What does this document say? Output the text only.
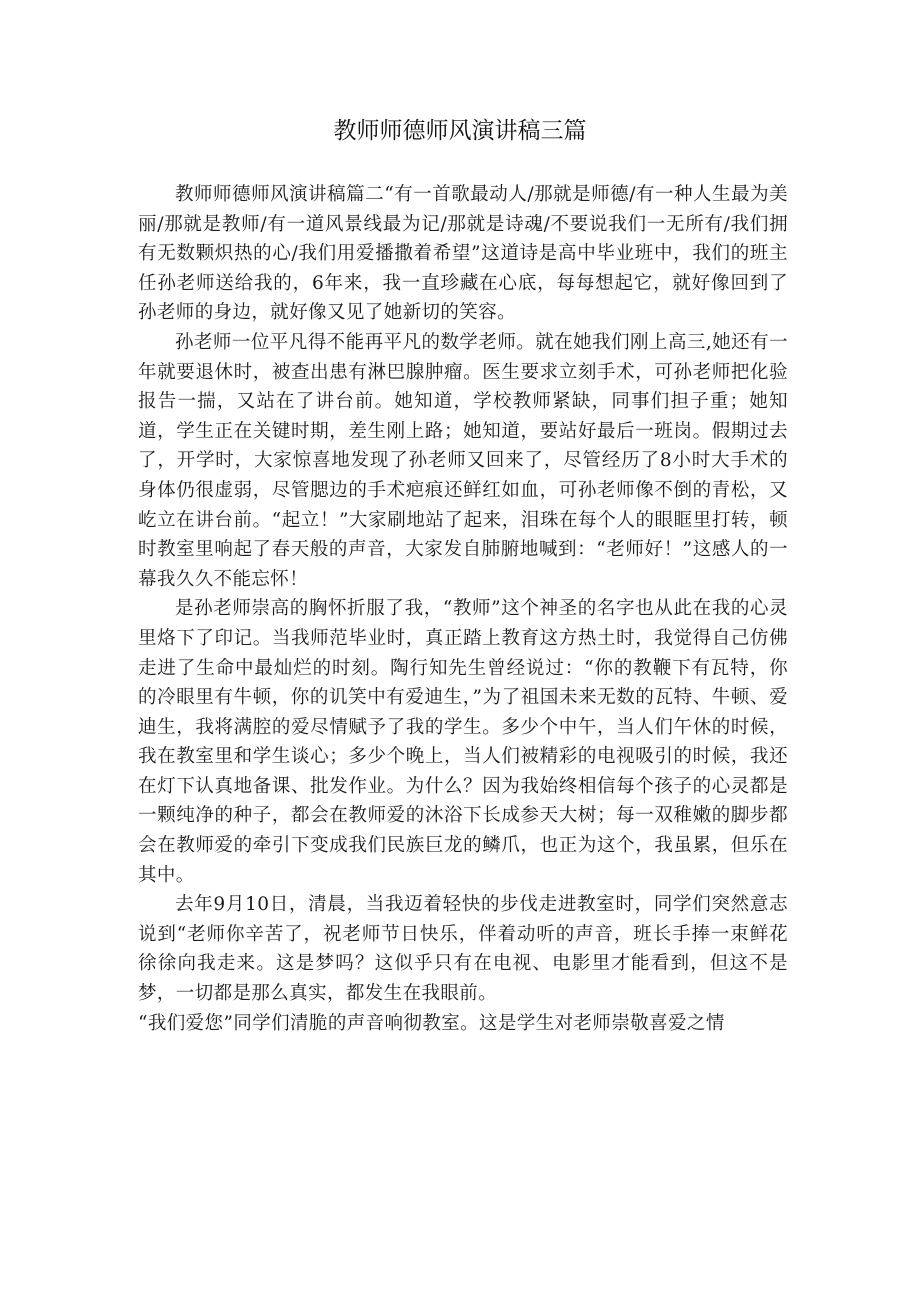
教师师德师风演讲稿三篇

教师师德师风演讲稿篇二“有一首歌最动人/那就是师德/有一种人生最为美丽/那就是教师/有一道风景线最为记/那就是诗魂/不要说我们一无所有/我们拥有无数颗炽热的心/我们用爱播撒着希望”这道诗是高中毕业班中，我们的班主任孙老师送给我的，6年来，我一直珍藏在心底，每每想起它，就好像回到了孙老师的身边，就好像又见了她新切的笑容。

孙老师一位平凡得不能再平凡的数学老师。就在她我们刚上高三,她还有一年就要退休时，被查出患有淋巴腺肿瘤。医生要求立刻手术，可孙老师把化验报告一揣，又站在了讲台前。她知道，学校教师紧缺，同事们担子重；她知道，学生正在关键时期，差生刚上路；她知道，要站好最后一班岗。假期过去了，开学时，大家惊喜地发现了孙老师又回来了，尽管经历了8小时大手术的身体仍很虚弱，尽管腮边的手术疤痕还鲜红如血，可孙老师像不倒的青松，又屹立在讲台前。“起立！”大家刷地站了起来，泪珠在每个人的眼眶里打转，顿时教室里响起了春天般的声音，大家发自肺腑地喊到：“老师好！”这感人的一幕我久久不能忘怀！

是孙老师崇高的胸怀折服了我，“教师”这个神圣的名字也从此在我的心灵里烙下了印记。当我师范毕业时，真正踏上教育这方热土时，我觉得自己仿佛走进了生命中最灿烂的时刻。陶行知先生曾经说过：“你的教鞭下有瓦特，你的冷眼里有牛顿，你的讥笑中有爱迪生，”为了祖国未来无数的瓦特、牛顿、爱迪生，我将满腔的爱尽情赋予了我的学生。多少个中午，当人们午休的时候，我在教室里和学生谈心；多少个晚上，当人们被精彩的电视吸引的时候，我还在灯下认真地备课、批发作业。为什么？因为我始终相信每个孩子的心灵都是一颗纯净的种子，都会在教师爱的沐浴下长成参天大树；每一双稚嫩的脚步都会在教师爱的牵引下变成我们民族巨龙的鳞爪，也正为这个，我虽累，但乐在其中。

去年9月10日，清晨，当我迈着轻快的步伐走进教室时，同学们突然意志说到“老师你辛苦了，祝老师节日快乐，伴着动听的声音，班长手捧一束鲜花徐徐向我走来。这是梦吗？这似乎只有在电视、电影里才能看到，但这不是梦，一切都是那么真实，都发生在我眼前。

“我们爱您”同学们清脆的声音响彻教室。这是学生对老师崇敬喜爱之情
